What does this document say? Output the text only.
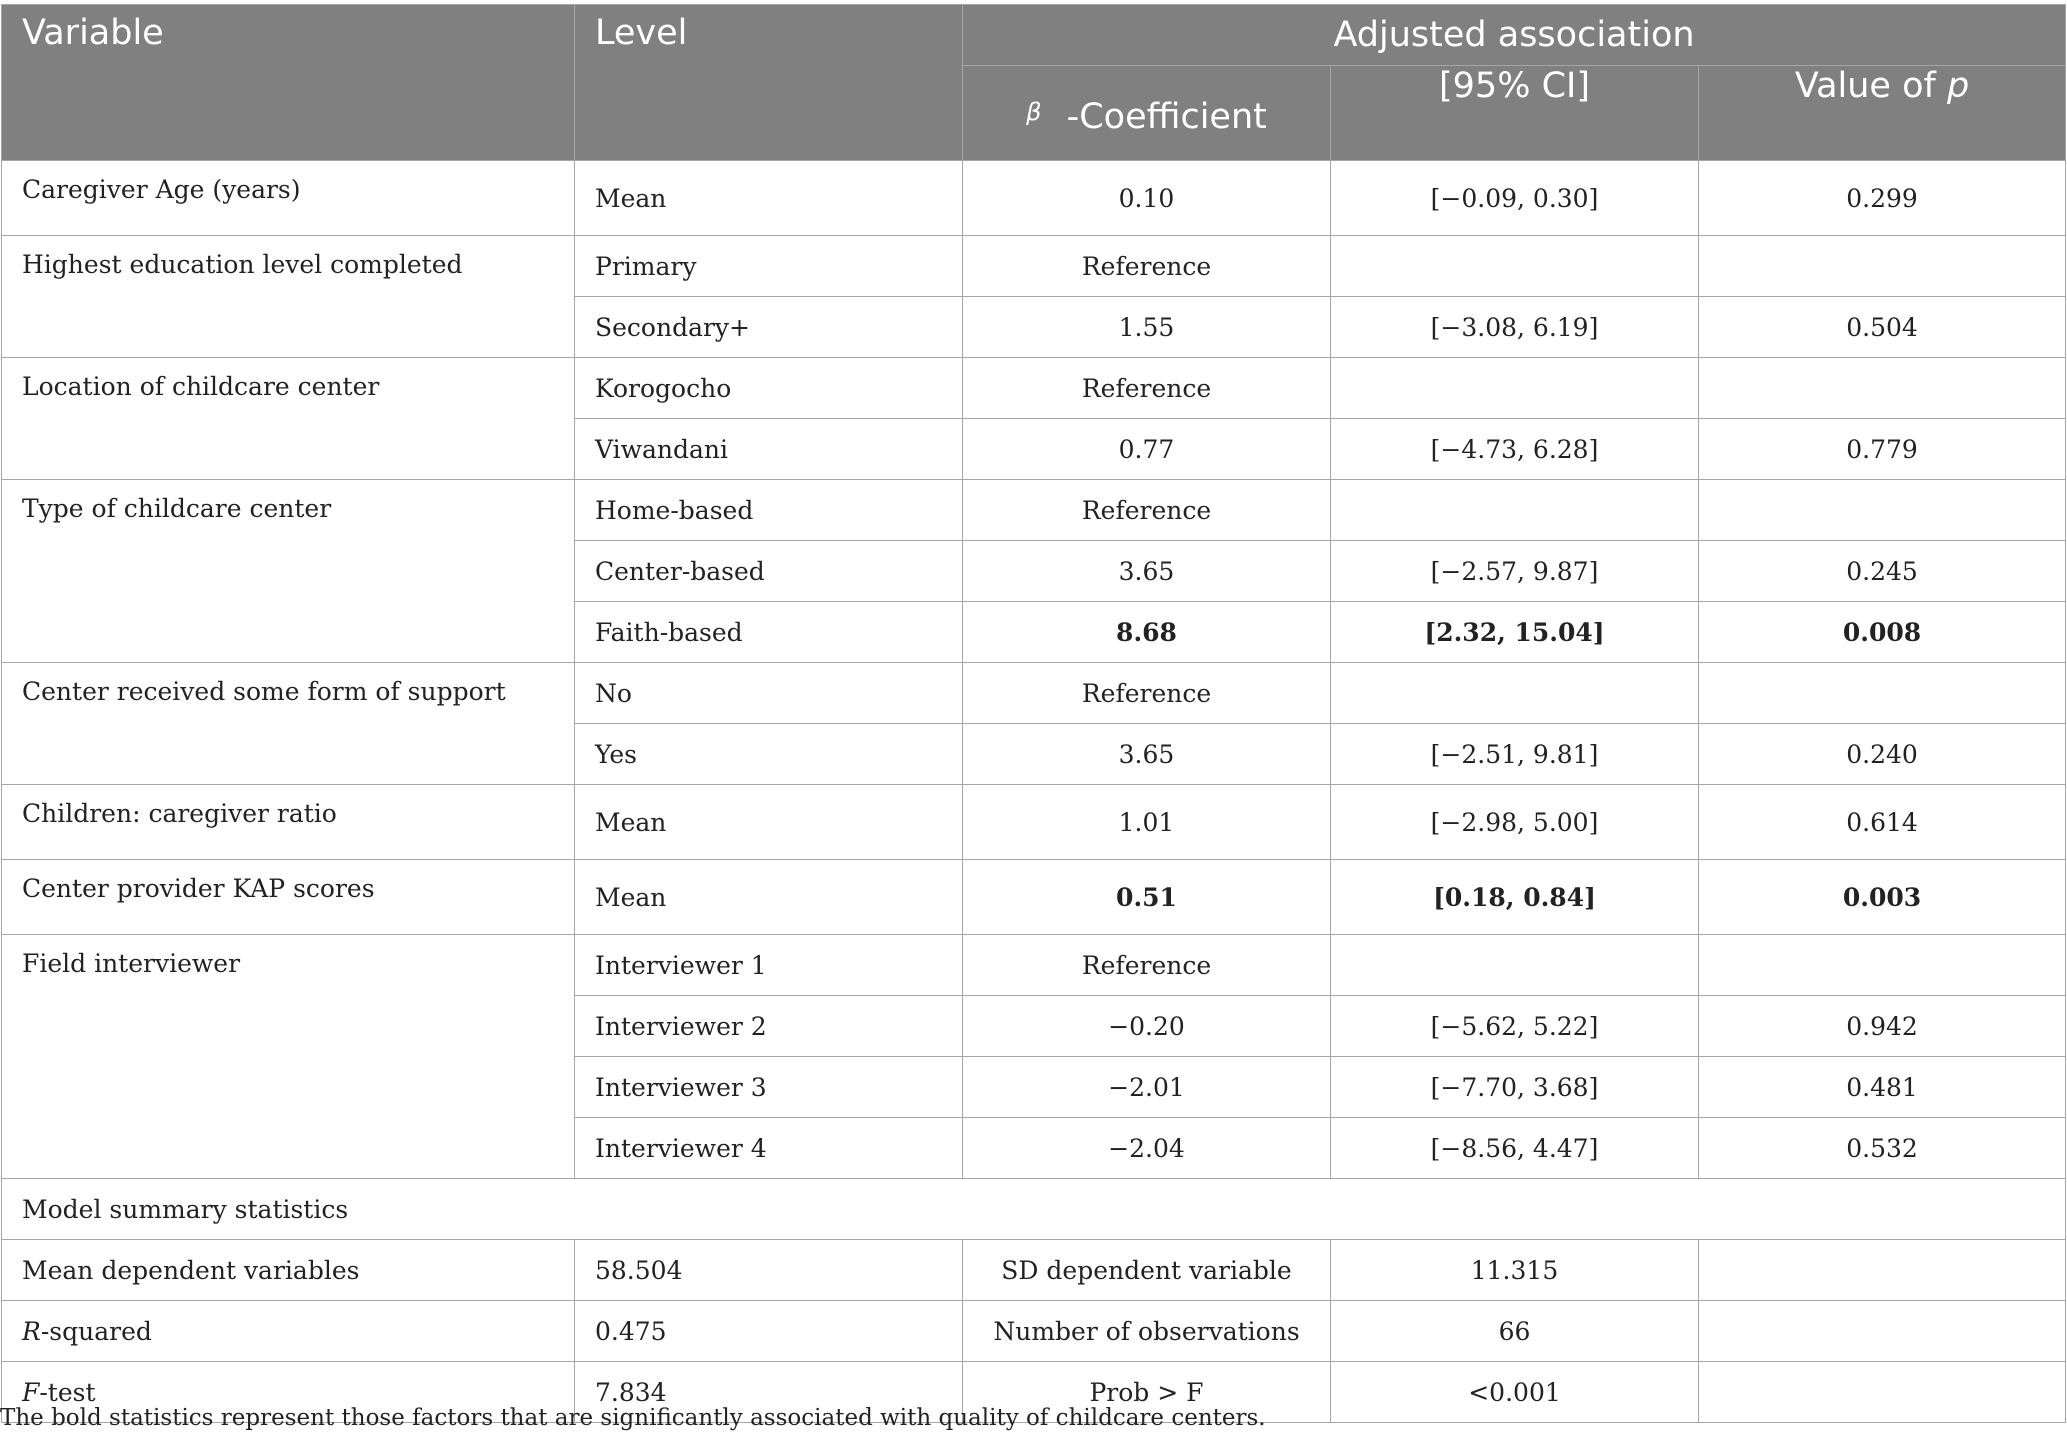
Variable	Level	Adjusted association		
		$^\beta$ -Coefficient	[95% CI]	Value of p
Caregiver Age (years)	Mean	0.10	[−0.09, 0.30]	0.299
Highest education level completed	Primary	Reference		
	Secondary+	1.55	[−3.08, 6.19]	0.504
Location of childcare center	Korogocho	Reference		
	Viwandani	0.77	[−4.73, 6.28]	0.779
Type of childcare center	Home-based	Reference		
	Center-based	3.65	[−2.57, 9.87]	0.245
	Faith-based	8.68	[2.32, 15.04]	0.008
Center received some form of support	No	Reference		
	Yes	3.65	[−2.51, 9.81]	0.240
Children: caregiver ratio	Mean	1.01	[−2.98, 5.00]	0.614
Center provider KAP scores	Mean	0.51	[0.18, 0.84]	0.003
Field interviewer	Interviewer 1	Reference		
	Interviewer 2	−0.20	[−5.62, 5.22]	0.942
	Interviewer 3	−2.01	[−7.70, 3.68]	0.481
	Interviewer 4	−2.04	[−8.56, 4.47]	0.532
Model summary statistics				
Mean dependent variables	58.504	SD dependent variable	11.315	
R-squared	0.475	Number of observations	66	
F-test	7.834	Prob > F	<0.001	
The bold statistics represent those factors that are significantly associated with quality of childcare centers.
